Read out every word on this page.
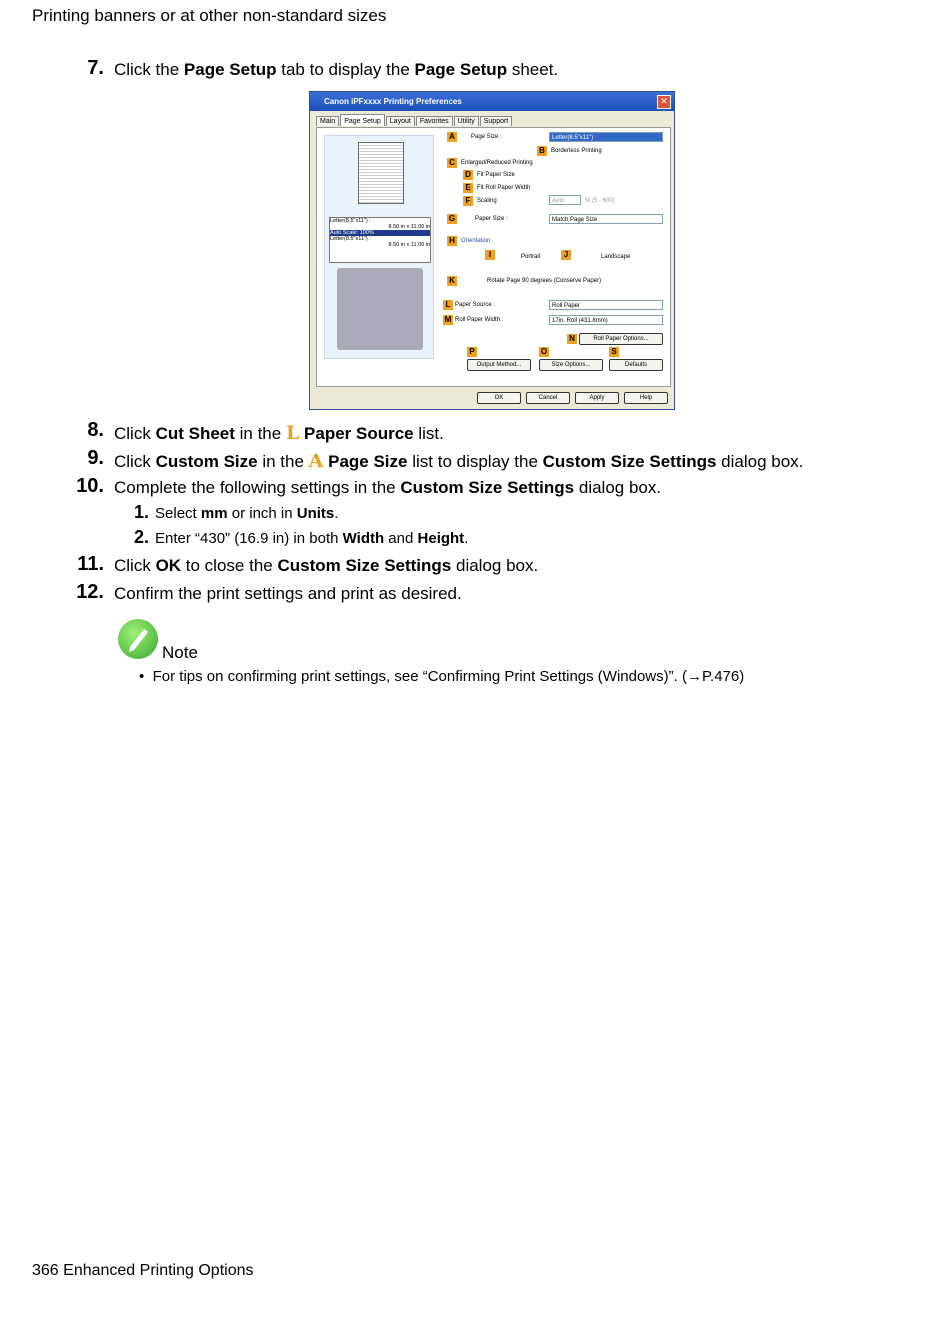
Printing banners or at other non-standard sizes
7. Click the Page Setup tab to display the Page Setup sheet.
Canon iPFxxxx Printing Preferences	✕
Main Page Setup Layout Favorites Utility Support
Letter(8.5"x11") :
8.50 in x 11.00 in
Auto Scale: 100%
Letter(8.5"x11") :
8.50 in x 11.00 in
A	Page Size :	Letter(8.5"x11")
B	Borderless Printing
C	Enlarged/Reduced Printing
D	Fit Paper Size
E	Fit Roll Paper Width
F	Scaling	Auto	% (5 - 600)
G	Paper Size :	Match Page Size
H	Orientation
I	Portrait	J	Landscape
K	Rotate Page 90 degrees (Conserve Paper)
L Paper Source :	Roll Paper
M Roll Paper Width :	17in. Roll (431.8mm)
N	Roll Paper Options...
P	O	S
Output Method...	Size Options...	Defaults
OK	Cancel	Apply	Help
8. Click Cut Sheet in the L Paper Source list.
9. Click Custom Size in the A Page Size list to display the Custom Size Settings dialog box.
10. Complete the following settings in the Custom Size Settings dialog box.
1. Select mm or inch in Units.
2. Enter “430” (16.9 in) in both Width and Height.
11. Click OK to close the Custom Size Settings dialog box.
12. Confirm the print settings and print as desired.
Note
• For tips on confirming print settings, see “Confirming Print Settings (Windows)”. (→P.476)
366 Enhanced Printing Options
